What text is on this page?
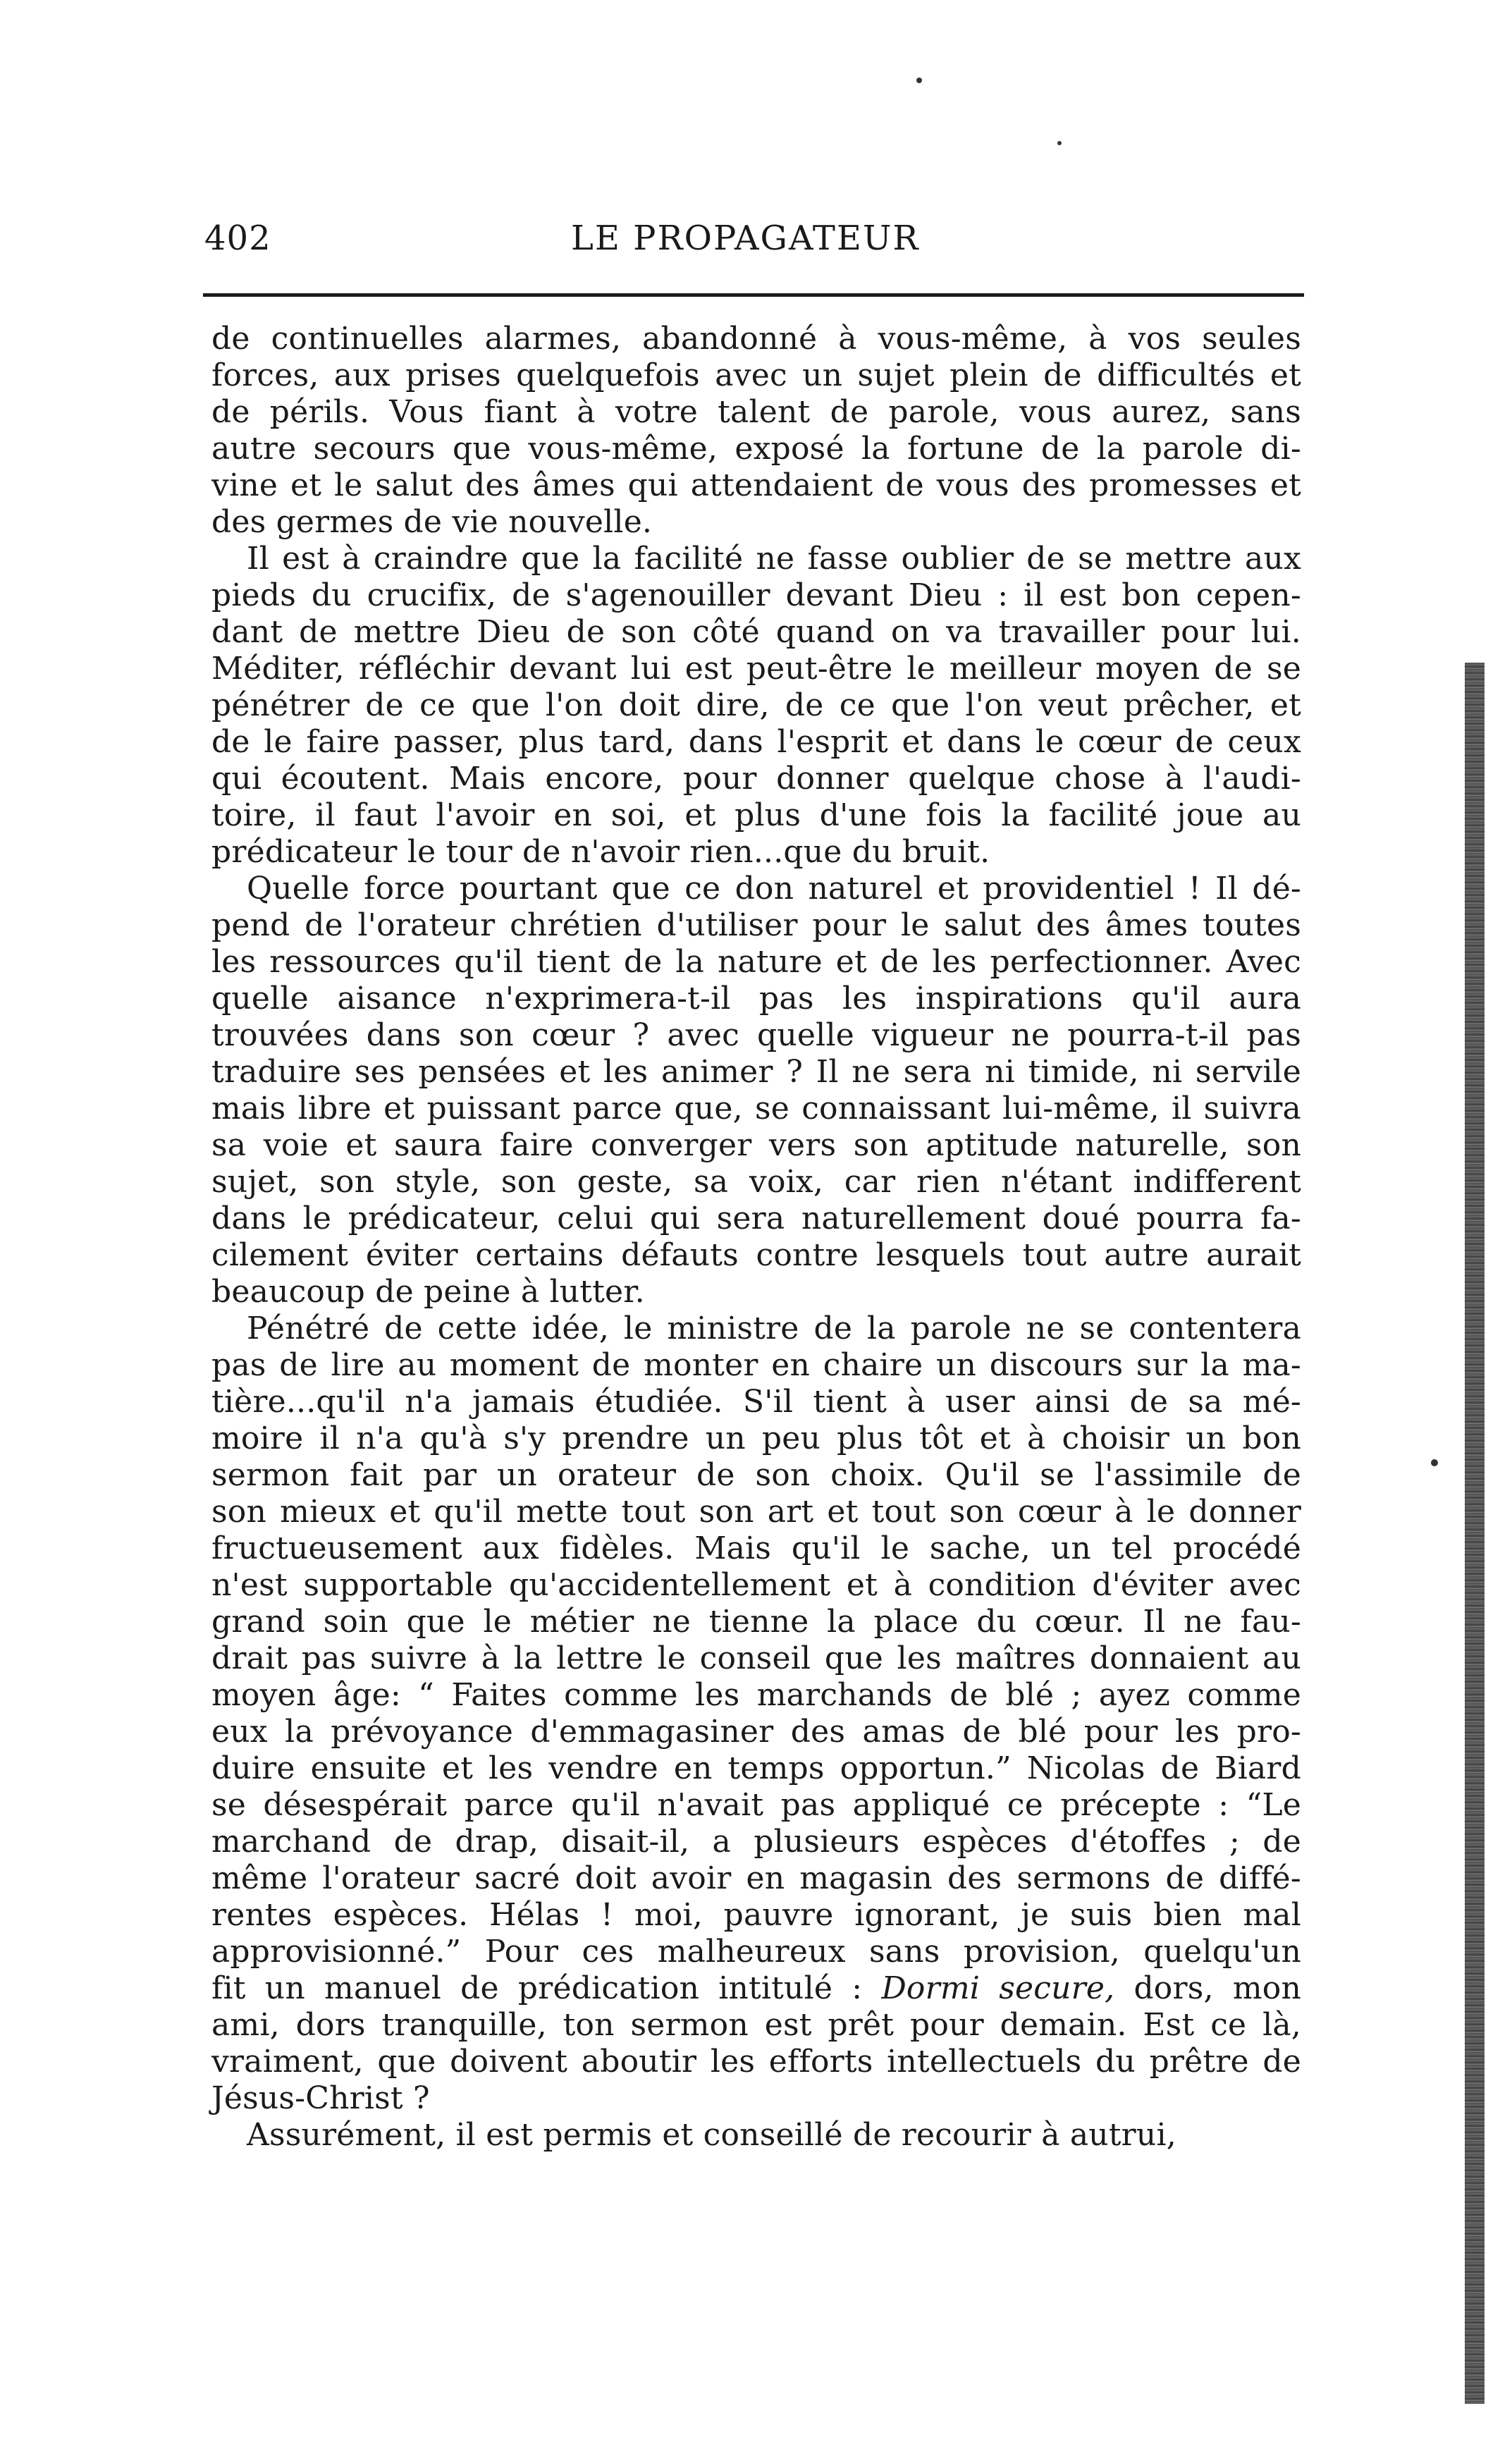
402	LE PROPAGATEUR
de continuelles alarmes, abandonné à vous-même, à vos seules
forces, aux prises quelquefois avec un sujet plein de difficultés et
de périls. Vous fiant à votre talent de parole, vous aurez, sans
autre secours que vous-même, exposé la fortune de la parole di-
vine et le salut des âmes qui attendaient de vous des promesses et
des germes de vie nouvelle.
Il est à craindre que la facilité ne fasse oublier de se mettre aux
pieds du crucifix, de s'agenouiller devant Dieu : il est bon cepen-
dant de mettre Dieu de son côté quand on va travailler pour lui.
Méditer, réfléchir devant lui est peut-être le meilleur moyen de se
pénétrer de ce que l'on doit dire, de ce que l'on veut prêcher, et
de le faire passer, plus tard, dans l'esprit et dans le cœur de ceux
qui écoutent. Mais encore, pour donner quelque chose à l'audi-
toire, il faut l'avoir en soi, et plus d'une fois la facilité joue au
prédicateur le tour de n'avoir rien...que du bruit.
Quelle force pourtant que ce don naturel et providentiel ! Il dé-
pend de l'orateur chrétien d'utiliser pour le salut des âmes toutes
les ressources qu'il tient de la nature et de les perfectionner. Avec
quelle aisance n'exprimera-t-il pas les inspirations qu'il aura
trouvées dans son cœur ? avec quelle vigueur ne pourra-t-il pas
traduire ses pensées et les animer ? Il ne sera ni timide, ni servile
mais libre et puissant parce que, se connaissant lui-même, il suivra
sa voie et saura faire converger vers son aptitude naturelle, son
sujet, son style, son geste, sa voix, car rien n'étant indifferent
dans le prédicateur, celui qui sera naturellement doué pourra fa-
cilement éviter certains défauts contre lesquels tout autre aurait
beaucoup de peine à lutter.
Pénétré de cette idée, le ministre de la parole ne se contentera
pas de lire au moment de monter en chaire un discours sur la ma-
tière...qu'il n'a jamais étudiée. S'il tient à user ainsi de sa mé-
moire il n'a qu'à s'y prendre un peu plus tôt et à choisir un bon
sermon fait par un orateur de son choix. Qu'il se l'assimile de
son mieux et qu'il mette tout son art et tout son cœur à le donner
fructueusement aux fidèles. Mais qu'il le sache, un tel procédé
n'est supportable qu'accidentellement et à condition d'éviter avec
grand soin que le métier ne tienne la place du cœur. Il ne fau-
drait pas suivre à la lettre le conseil que les maîtres donnaient au
moyen âge: “ Faites comme les marchands de blé ; ayez comme
eux la prévoyance d'emmagasiner des amas de blé pour les pro-
duire ensuite et les vendre en temps opportun.” Nicolas de Biard
se désespérait parce qu'il n'avait pas appliqué ce précepte : “Le
marchand de drap, disait-il, a plusieurs espèces d'étoffes ; de
même l'orateur sacré doit avoir en magasin des sermons de diffé-
rentes espèces. Hélas ! moi, pauvre ignorant, je suis bien mal
approvisionné.” Pour ces malheureux sans provision, quelqu'un
fit un manuel de prédication intitulé : Dormi secure, dors, mon
ami, dors tranquille, ton sermon est prêt pour demain. Est ce là,
vraiment, que doivent aboutir les efforts intellectuels du prêtre de
Jésus-Christ ?
Assurément, il est permis et conseillé de recourir à autrui,
